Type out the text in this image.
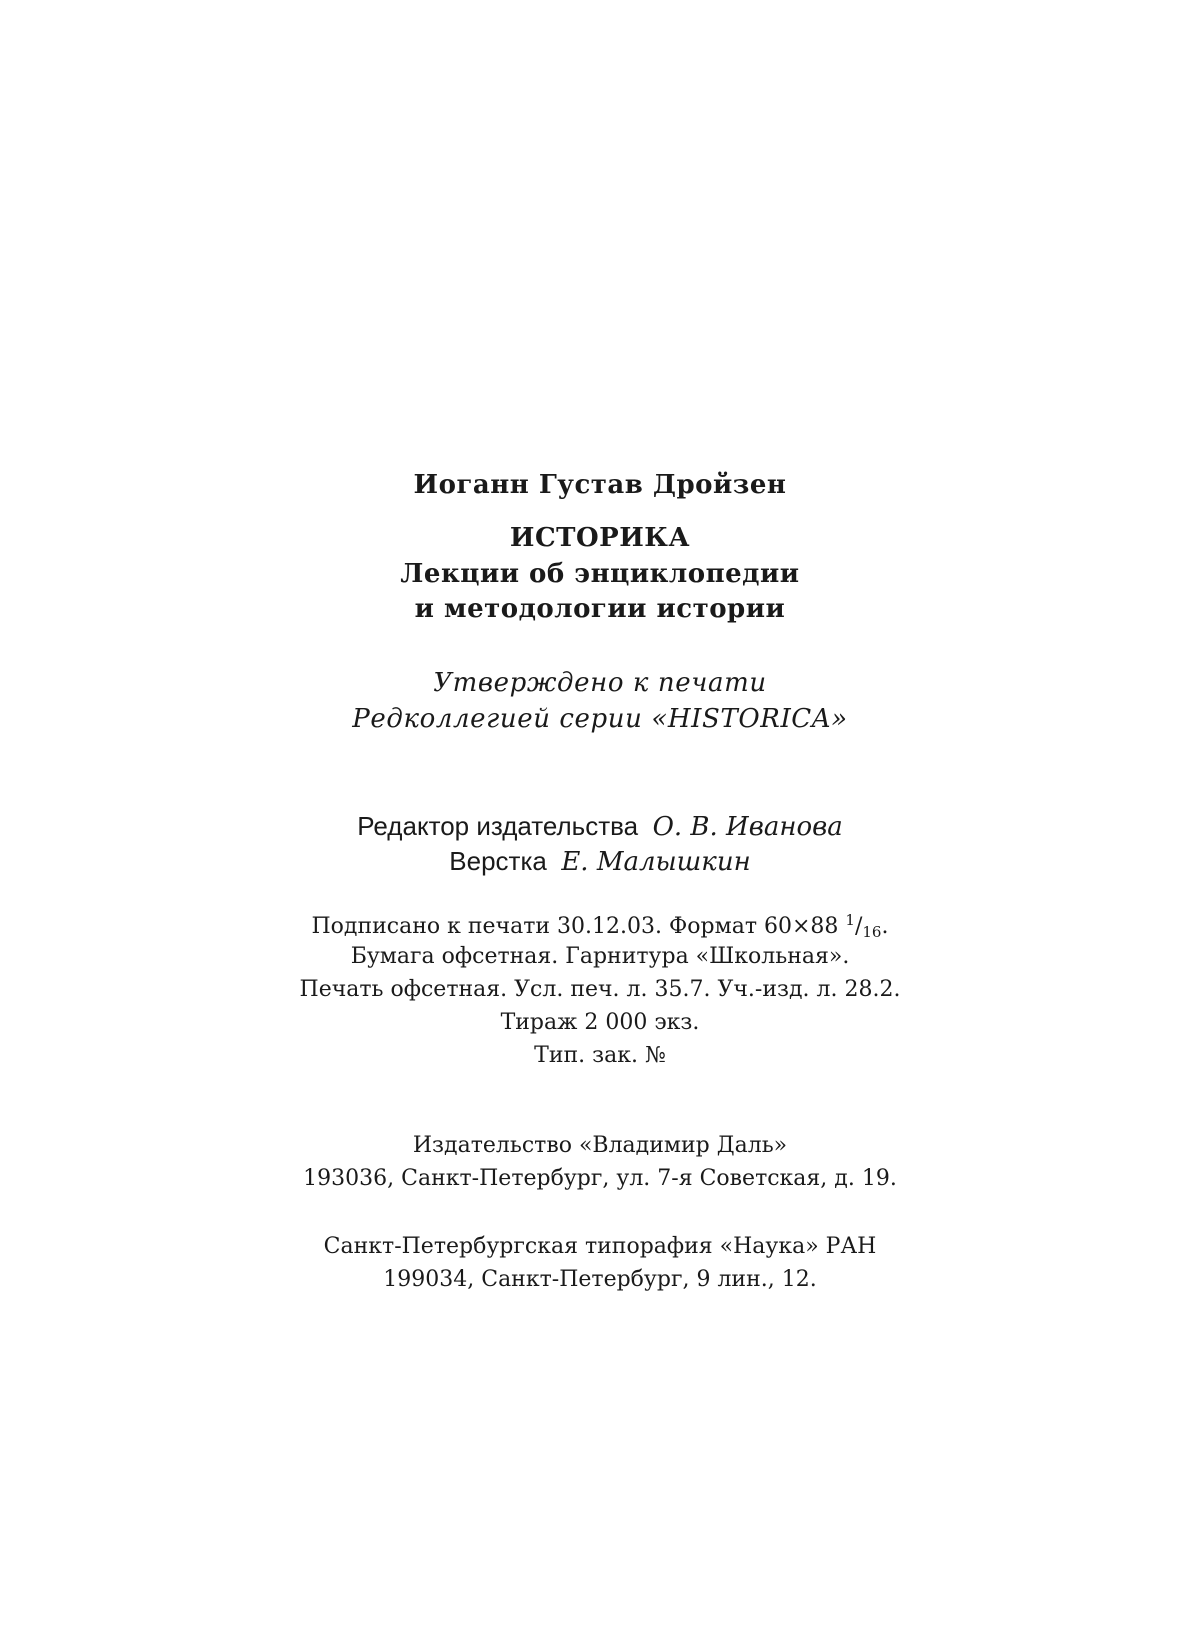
Иоганн Густав Дройзен

ИСТОРИКА

Лекции об энциклопедии

и методологии истории

Утверждено к печати

Редколлегией серии «HISTORICA»

Редактор издательства О. В. Иванова

Верстка Е. Малышкин

Подписано к печати 30.12.03. Формат 60×88 $^1/_{16}$.

Бумага офсетная. Гарнитура «Школьная».

Печать офсетная. Усл. печ. л. 35.7. Уч.-изд. л. 28.2.

Тираж 2 000 экз.

Тип. зак. №

Издательство «Владимир Даль»

193036, Санкт-Петербург, ул. 7-я Советская, д. 19.

Санкт-Петербургская типорафия «Наука» РАН

199034, Санкт-Петербург, 9 лин., 12.
